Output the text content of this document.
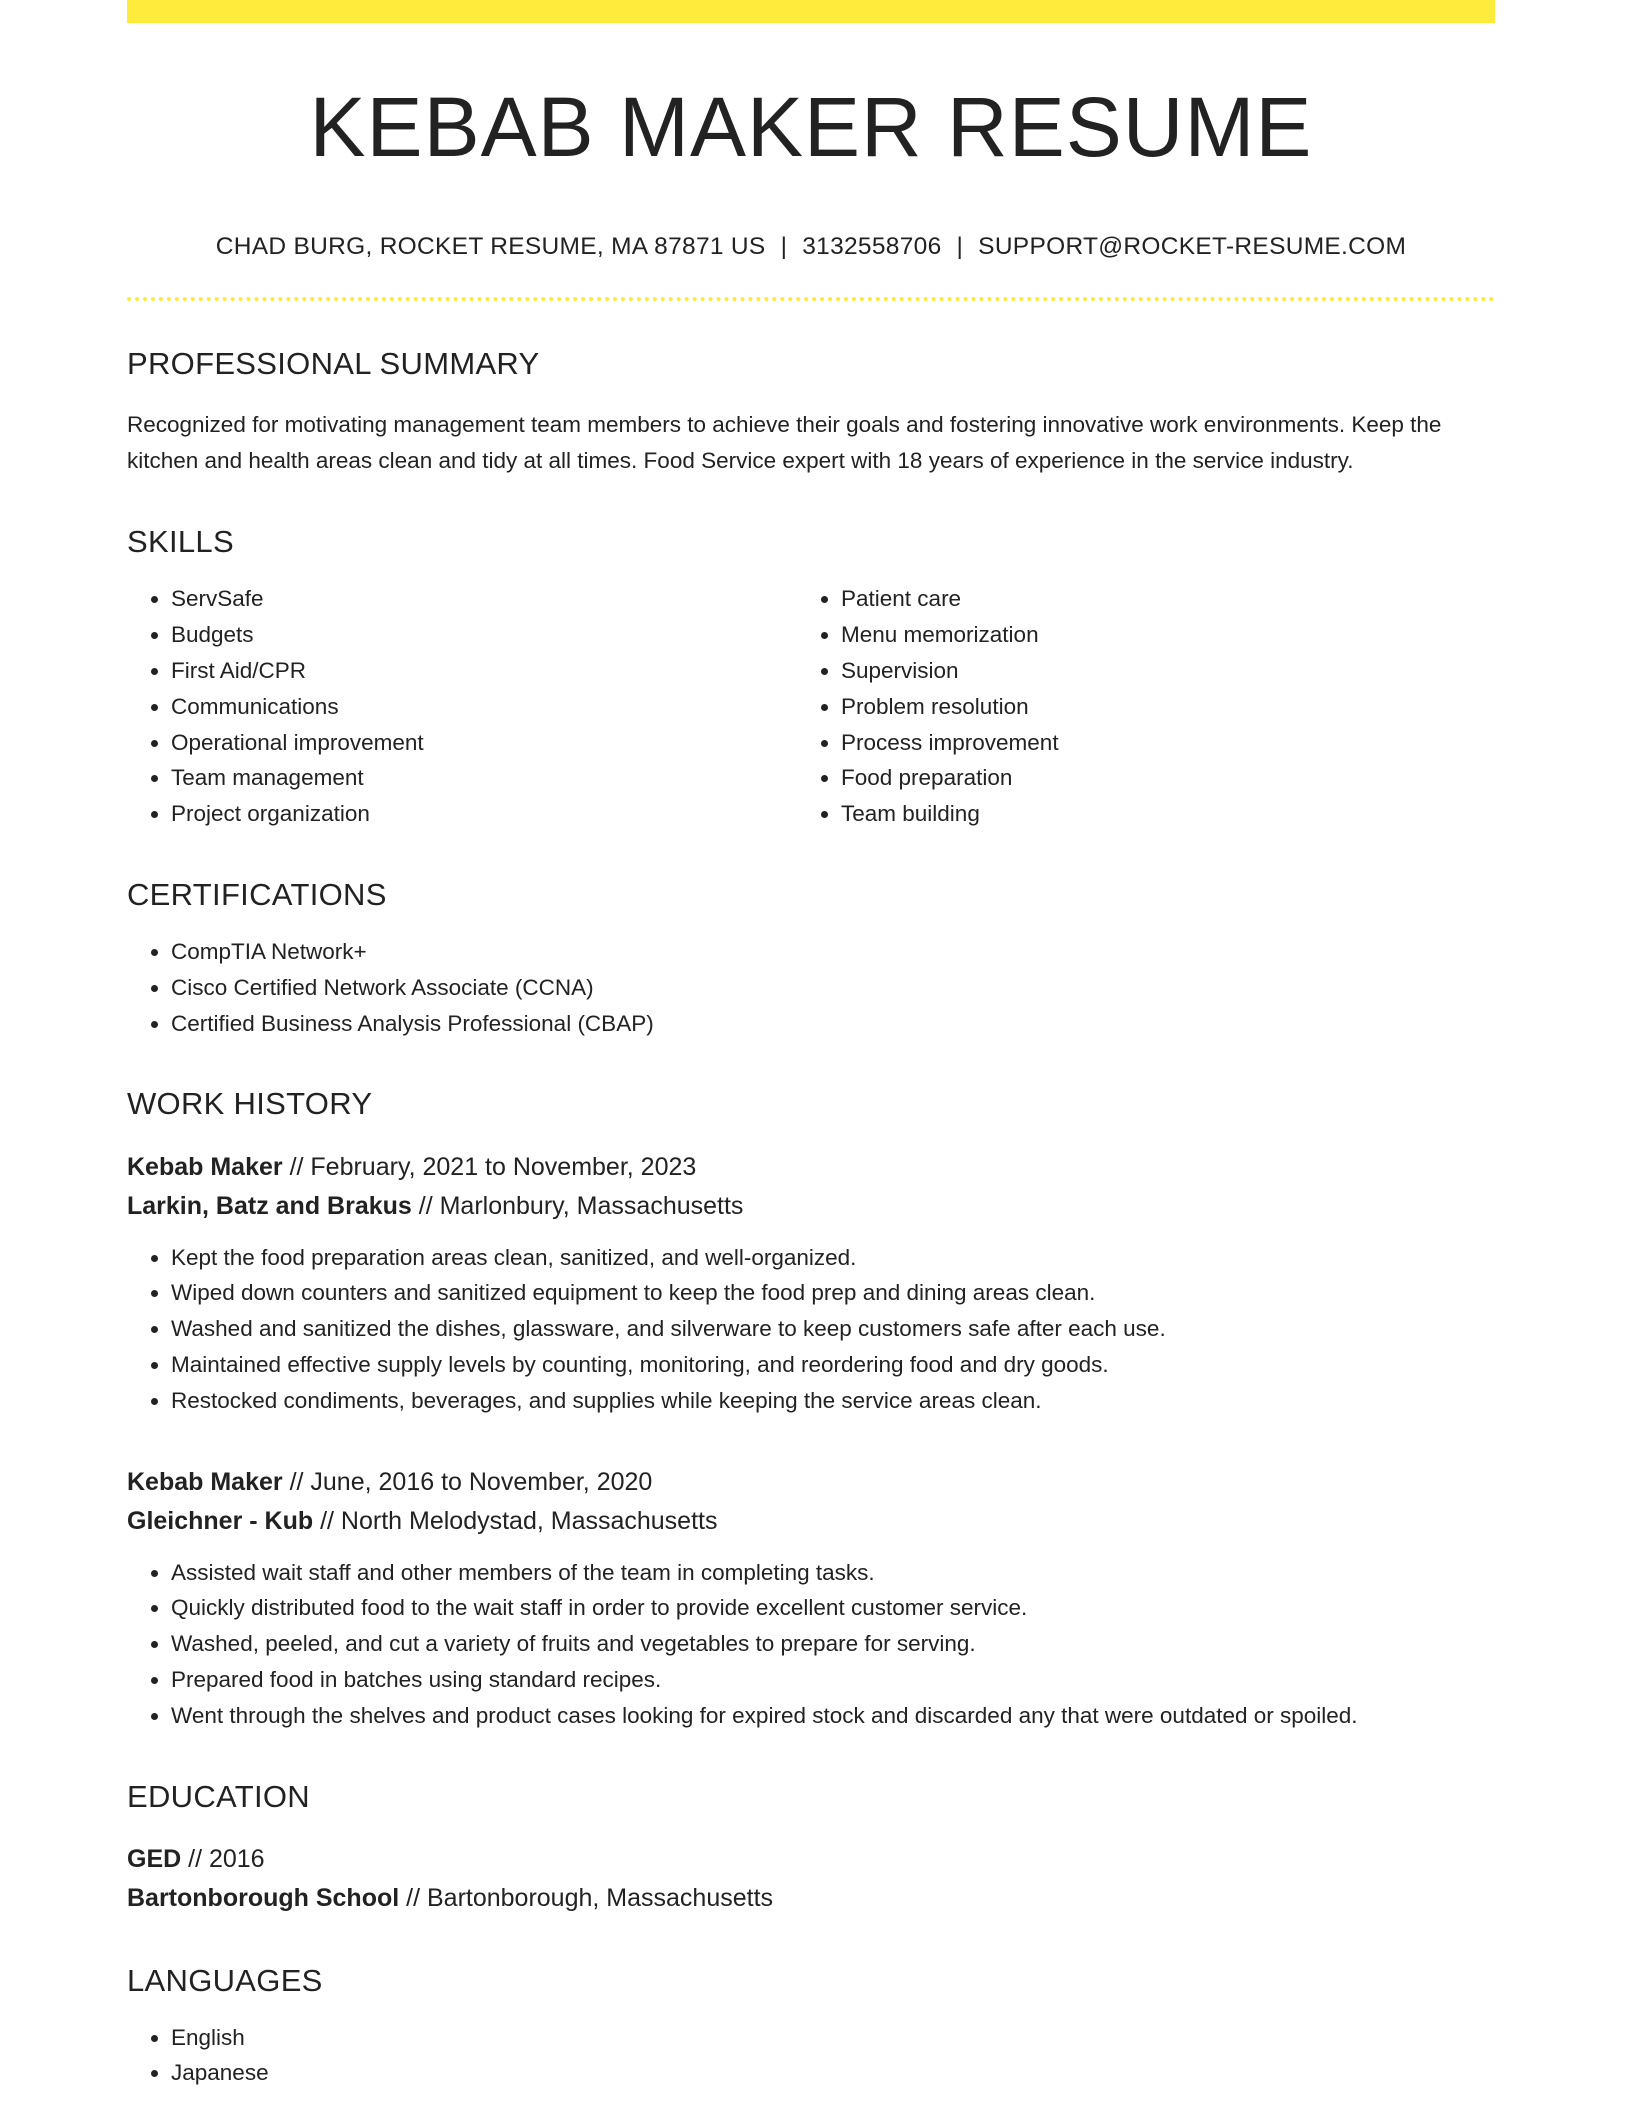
KEBAB MAKER RESUME
CHAD BURG, ROCKET RESUME, MA 87871 US | 3132558706 | SUPPORT@ROCKET-RESUME.COM
PROFESSIONAL SUMMARY
Recognized for motivating management team members to achieve their goals and fostering innovative work environments. Keep the kitchen and health areas clean and tidy at all times. Food Service expert with 18 years of experience in the service industry.
SKILLS
• ServSafe
• Budgets
• First Aid/CPR
• Communications
• Operational improvement
• Team management
• Project organization
• Patient care
• Menu memorization
• Supervision
• Problem resolution
• Process improvement
• Food preparation
• Team building
CERTIFICATIONS
• CompTIA Network+
• Cisco Certified Network Associate (CCNA)
• Certified Business Analysis Professional (CBAP)
WORK HISTORY
Kebab Maker // February, 2021 to November, 2023
Larkin, Batz and Brakus // Marlonbury, Massachusetts
• Kept the food preparation areas clean, sanitized, and well-organized.
• Wiped down counters and sanitized equipment to keep the food prep and dining areas clean.
• Washed and sanitized the dishes, glassware, and silverware to keep customers safe after each use.
• Maintained effective supply levels by counting, monitoring, and reordering food and dry goods.
• Restocked condiments, beverages, and supplies while keeping the service areas clean.
Kebab Maker // June, 2016 to November, 2020
Gleichner - Kub // North Melodystad, Massachusetts
• Assisted wait staff and other members of the team in completing tasks.
• Quickly distributed food to the wait staff in order to provide excellent customer service.
• Washed, peeled, and cut a variety of fruits and vegetables to prepare for serving.
• Prepared food in batches using standard recipes.
• Went through the shelves and product cases looking for expired stock and discarded any that were outdated or spoiled.
EDUCATION
GED // 2016
Bartonborough School // Bartonborough, Massachusetts
LANGUAGES
• English
• Japanese
